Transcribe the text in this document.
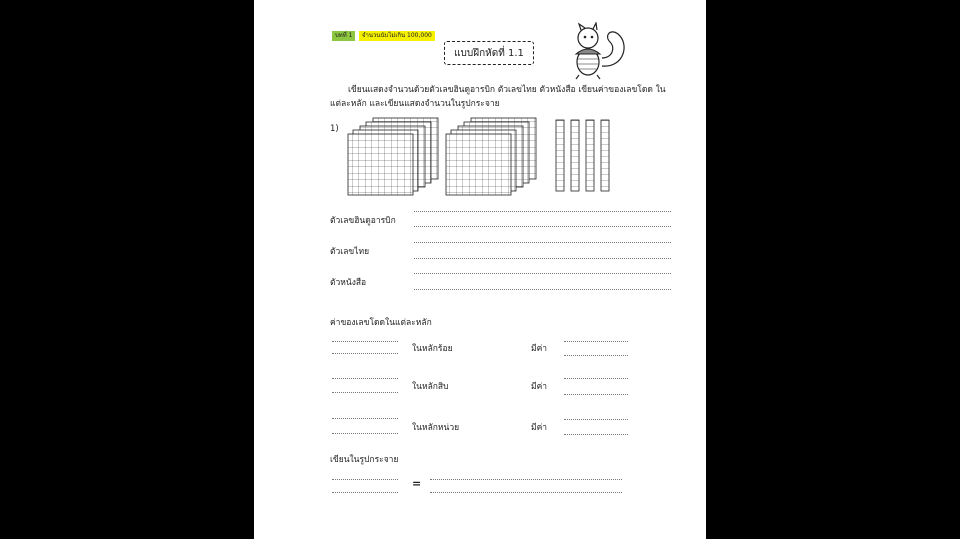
บทที่ 1	จำนวนนับไม่เกิน 100,000
แบบฝึกหัดที่ 1.1
เขียนแสดงจำนวนด้วยตัวเลขฮินดูอารบิก ตัวเลขไทย ตัวหนังสือ เขียนค่าของเลขโดด ในแต่ละหลัก และเขียนแสดงจำนวนในรูปกระจาย
1)
ตัวเลขฮินดูอารบิก
ตัวเลขไทย
ตัวหนังสือ
ค่าของเลขโดดในแต่ละหลัก
ในหลักร้อย	มีค่า
ในหลักสิบ	มีค่า
ในหลักหน่วย	มีค่า
เขียนในรูปกระจาย
=
